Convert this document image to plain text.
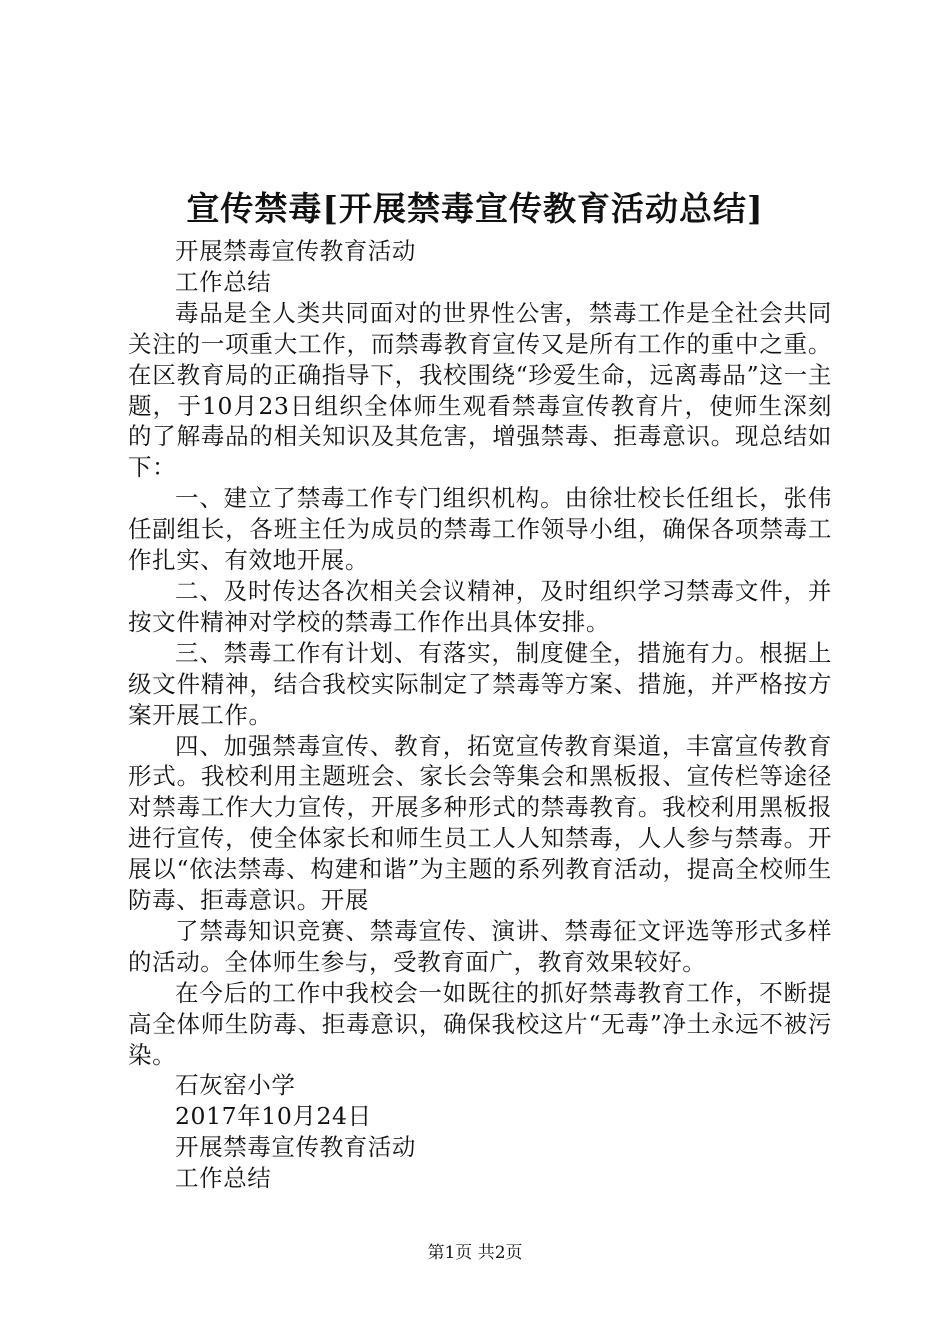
宣传禁毒[开展禁毒宣传教育活动总结]

开展禁毒宣传教育活动

工作总结

毒品是全人类共同面对的世界性公害，禁毒工作是全社会共同关注的一项重大工作，而禁毒教育宣传又是所有工作的重中之重。在区教育局的正确指导下，我校围绕“珍爱生命，远离毒品”这一主题，于10月23日组织全体师生观看禁毒宣传教育片，使师生深刻的了解毒品的相关知识及其危害，增强禁毒、拒毒意识。现总结如下：

一、建立了禁毒工作专门组织机构。由徐壮校长任组长，张伟任副组长，各班主任为成员的禁毒工作领导小组，确保各项禁毒工作扎实、有效地开展。

二、及时传达各次相关会议精神，及时组织学习禁毒文件，并按文件精神对学校的禁毒工作作出具体安排。

三、禁毒工作有计划、有落实，制度健全，措施有力。根据上级文件精神，结合我校实际制定了禁毒等方案、措施，并严格按方案开展工作。

四、加强禁毒宣传、教育，拓宽宣传教育渠道，丰富宣传教育形式。我校利用主题班会、家长会等集会和黑板报、宣传栏等途径对禁毒工作大力宣传，开展多种形式的禁毒教育。我校利用黑板报进行宣传，使全体家长和师生员工人人知禁毒，人人参与禁毒。开展以“依法禁毒、构建和谐”为主题的系列教育活动，提高全校师生防毒、拒毒意识。开展

了禁毒知识竞赛、禁毒宣传、演讲、禁毒征文评选等形式多样的活动。全体师生参与，受教育面广，教育效果较好。

在今后的工作中我校会一如既往的抓好禁毒教育工作，不断提高全体师生防毒、拒毒意识，确保我校这片“无毒”净土永远不被污染。

石灰窑小学

2017年10月24日

开展禁毒宣传教育活动

工作总结

第1页 共2页
